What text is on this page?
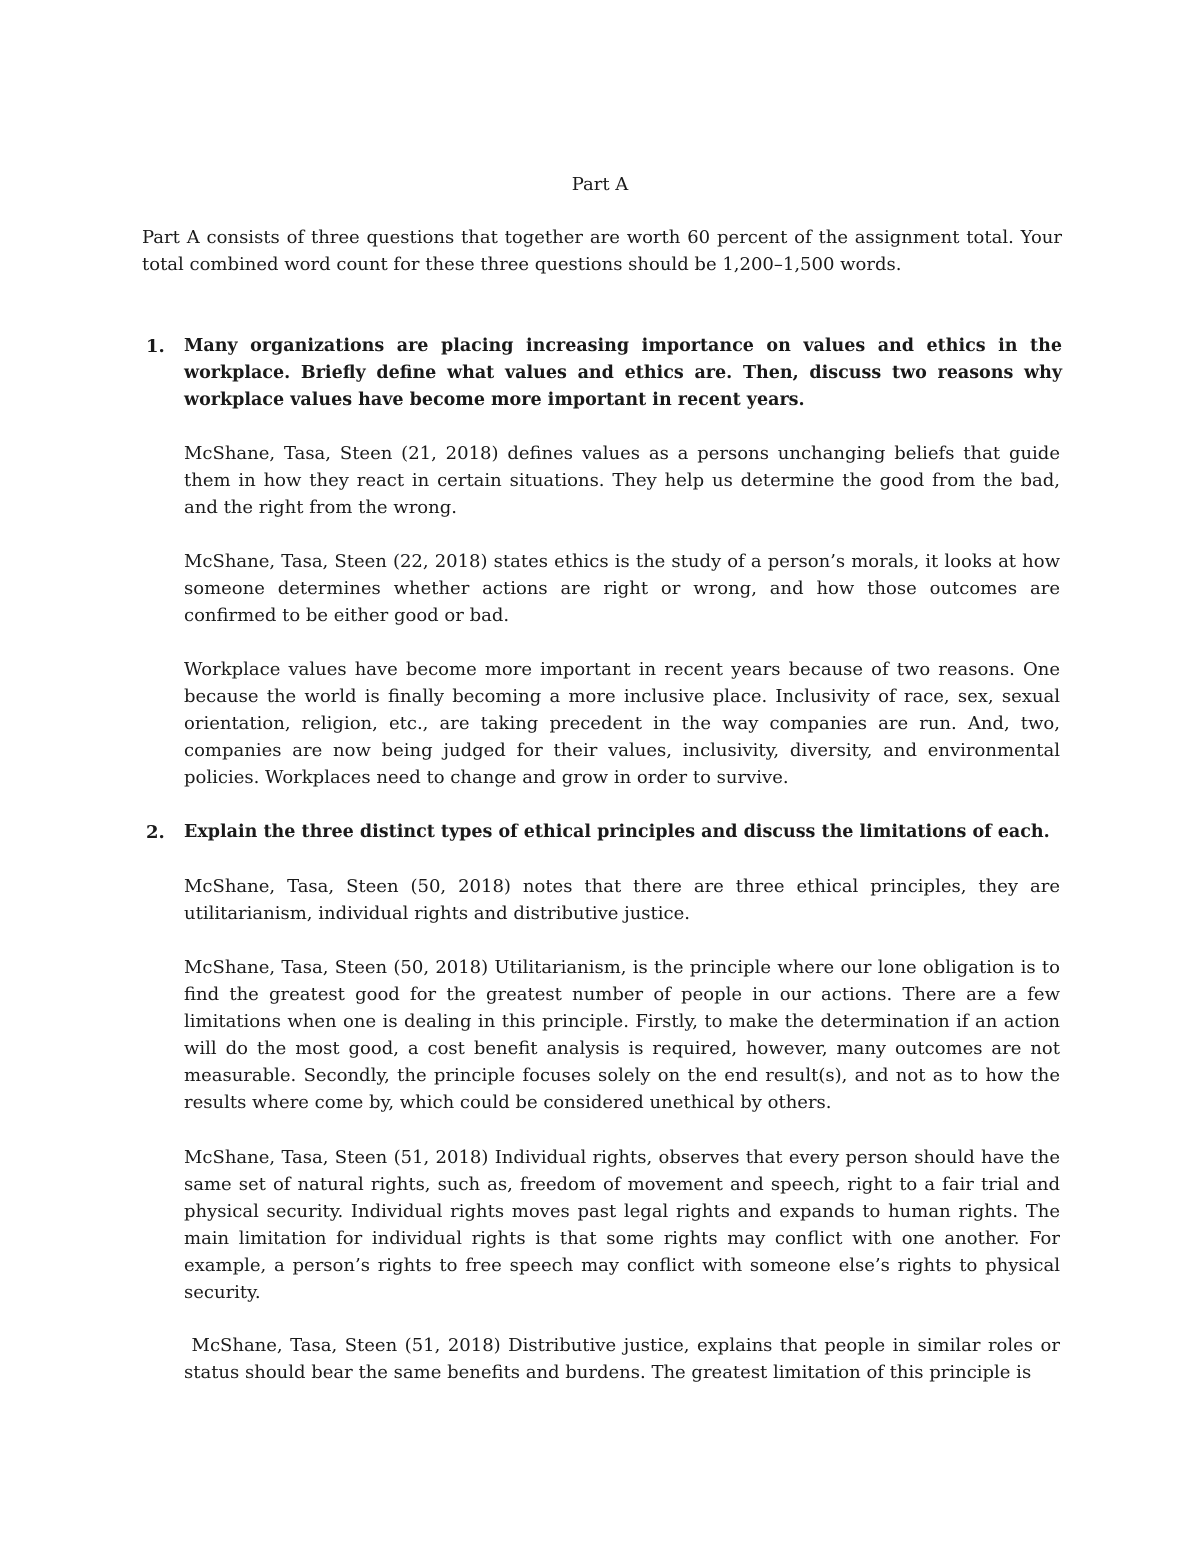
Part A
Part A consists of three questions that together are worth 60 percent of the assignment total. Your total combined word count for these three questions should be 1,200–1,500 words.
1. Many organizations are placing increasing importance on values and ethics in the workplace. Briefly define what values and ethics are. Then, discuss two reasons why workplace values have become more important in recent years.
McShane, Tasa, Steen (21, 2018) defines values as a persons unchanging beliefs that guide them in how they react in certain situations. They help us determine the good from the bad, and the right from the wrong.
McShane, Tasa, Steen (22, 2018) states ethics is the study of a person’s morals, it looks at how someone determines whether actions are right or wrong, and how those outcomes are confirmed to be either good or bad.
Workplace values have become more important in recent years because of two reasons. One because the world is finally becoming a more inclusive place. Inclusivity of race, sex, sexual orientation, religion, etc., are taking precedent in the way companies are run. And, two, companies are now being judged for their values, inclusivity, diversity, and environmental policies. Workplaces need to change and grow in order to survive.
2. Explain the three distinct types of ethical principles and discuss the limitations of each.
McShane, Tasa, Steen (50, 2018) notes that there are three ethical principles, they are utilitarianism, individual rights and distributive justice.
McShane, Tasa, Steen (50, 2018) Utilitarianism, is the principle where our lone obligation is to find the greatest good for the greatest number of people in our actions. There are a few limitations when one is dealing in this principle. Firstly, to make the determination if an action will do the most good, a cost benefit analysis is required, however, many outcomes are not measurable. Secondly, the principle focuses solely on the end result(s), and not as to how the results where come by, which could be considered unethical by others.
McShane, Tasa, Steen (51, 2018) Individual rights, observes that every person should have the same set of natural rights, such as, freedom of movement and speech, right to a fair trial and physical security. Individual rights moves past legal rights and expands to human rights. The main limitation for individual rights is that some rights may conflict with one another. For example, a person’s rights to free speech may conflict with someone else’s rights to physical security.
McShane, Tasa, Steen (51, 2018) Distributive justice, explains that people in similar roles or status should bear the same benefits and burdens. The greatest limitation of this principle is
